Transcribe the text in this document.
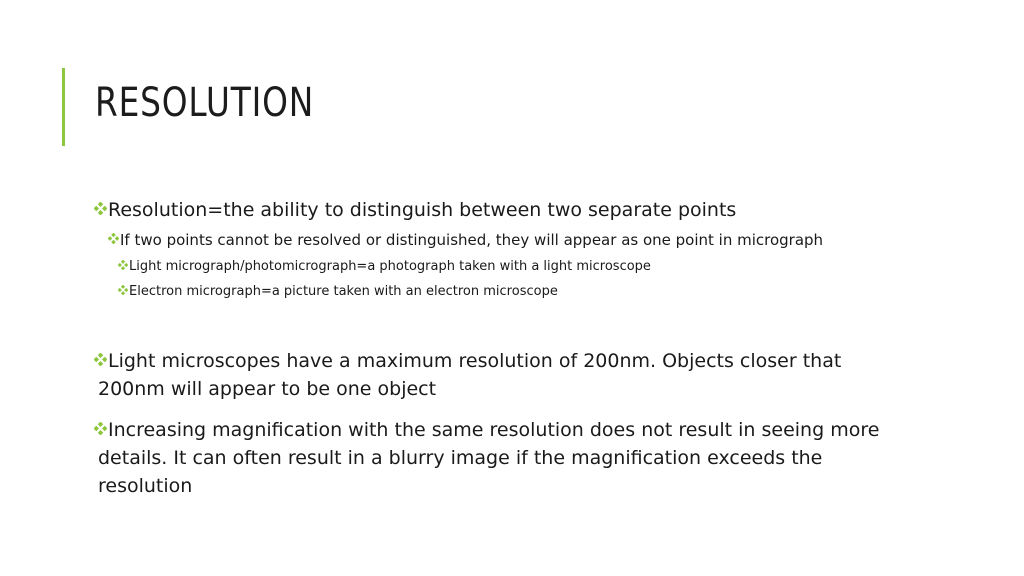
RESOLUTION

Resolution=the ability to distinguish between two separate points

If two points cannot be resolved or distinguished, they will appear as one point in micrograph

Light micrograph/photomicrograph=a photograph taken with a light microscope

Electron micrograph=a picture taken with an electron microscope

Light microscopes have a maximum resolution of 200nm. Objects closer that 200nm will appear to be one object

Increasing magnification with the same resolution does not result in seeing more details. It can often result in a blurry image if the magnification exceeds the resolution
